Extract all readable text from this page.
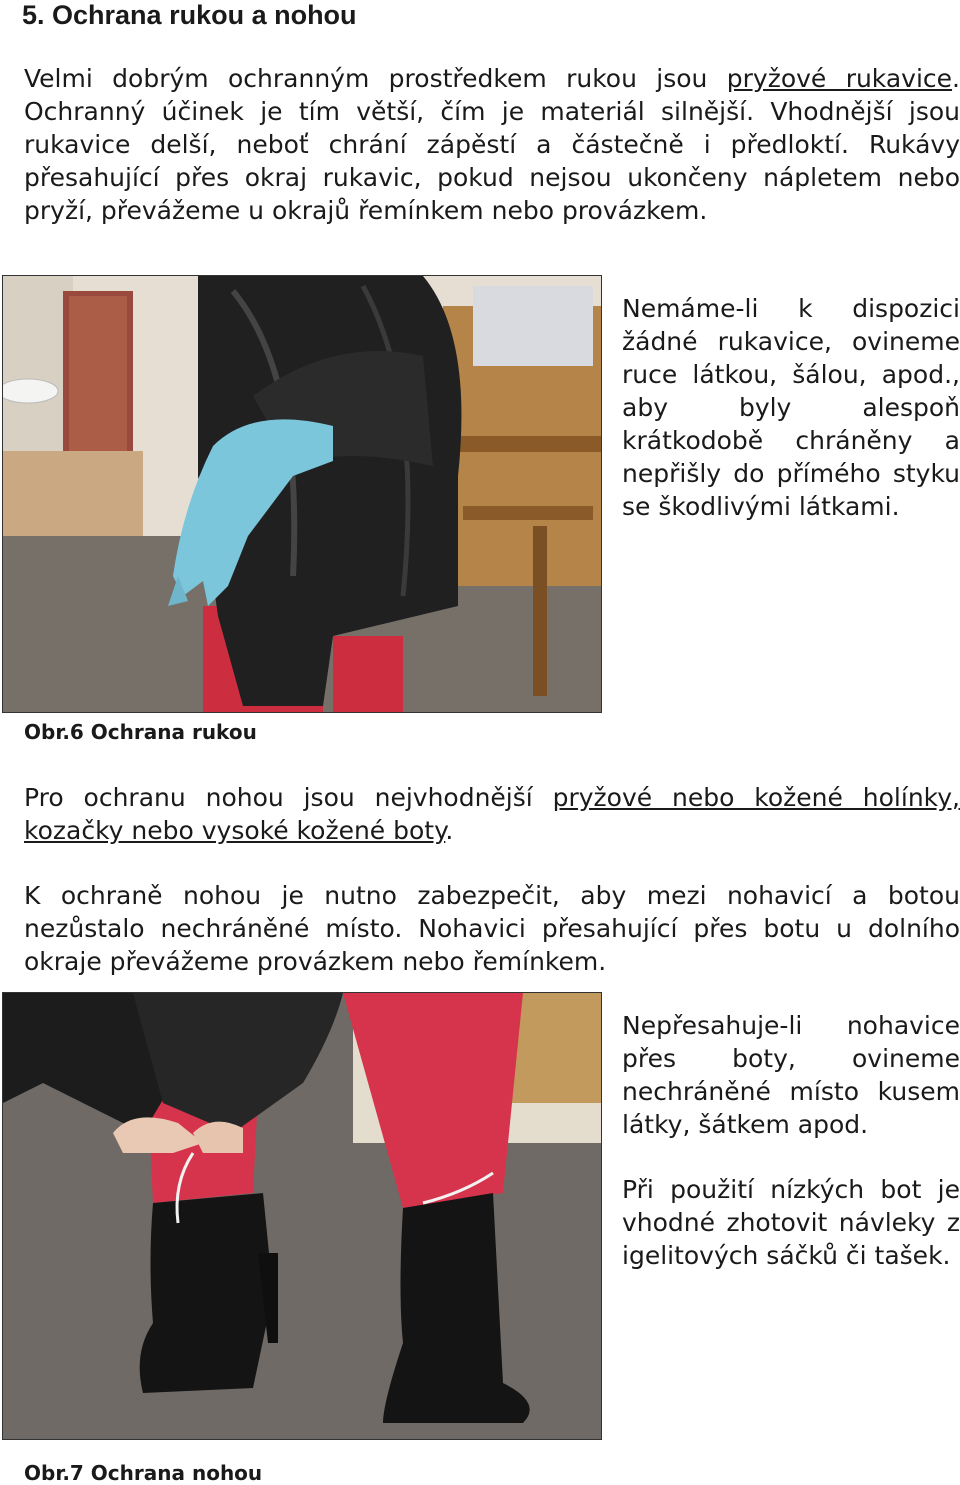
5. Ochrana rukou a nohou

Velmi dobrým ochranným prostředkem rukou jsou pryžové rukavice. Ochranný účinek je tím větší, čím je materiál silnější. Vhodnější jsou rukavice delší, neboť chrání zápěstí a částečně i předloktí. Rukávy přesahující přes okraj rukavic, pokud nejsou ukončeny nápletem nebo pryží, převážeme u okrajů řemínkem nebo provázkem.

Nemáme-li k dispozici žádné rukavice, ovineme ruce látkou, šálou, apod., aby byly alespoň krátkodobě chráněny a nepřišly do přímého styku se škodlivými látkami.

Obr.6 Ochrana rukou

Pro ochranu nohou jsou nejvhodnější pryžové nebo kožené holínky, kozačky nebo vysoké kožené boty.

K ochraně nohou je nutno zabezpečit, aby mezi nohavicí a botou nezůstalo nechráněné místo. Nohavici přesahující přes botu u dolního okraje převážeme provázkem nebo řemínkem.

Nepřesahuje-li nohavice přes boty, ovineme nechráněné místo kusem látky, šátkem apod.

Při použití nízkých bot je vhodné zhotovit návleky z igelitových sáčků či tašek.

Obr.7 Ochrana nohou
